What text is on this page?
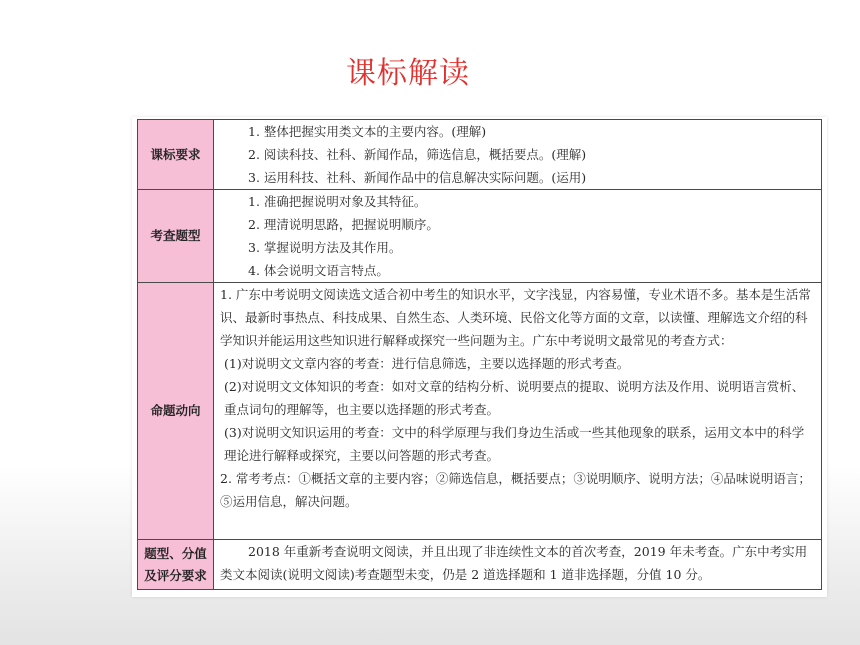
课标解读
课标要求	1. 整体把握实用类文本的主要内容。(理解)
2. 阅读科技、社科、新闻作品，筛选信息，概括要点。(理解)
3. 运用科技、社科、新闻作品中的信息解决实际问题。(运用)

考查题型	1. 准确把握说明对象及其特征。
2. 理清说明思路，把握说明顺序。
3. 掌握说明方法及其作用。
4. 体会说明文语言特点。

命题动向	1. 广东中考说明文阅读选文适合初中考生的知识水平，文字浅显，内容易懂，专业术语不多。基本是生活常识、最新时事热点、科技成果、自然生态、人类环境、民俗文化等方面的文章，以读懂、理解选文介绍的科学知识并能运用这些知识进行解释或探究一些问题为主。广东中考说明文最常见的考查方式：
(1)对说明文文章内容的考查：进行信息筛选，主要以选择题的形式考查。
(2)对说明文文体知识的考查：如对文章的结构分析、说明要点的提取、说明方法及作用、说明语言赏析、重点词句的理解等，也主要以选择题的形式考查。
(3)对说明文知识运用的考查：文中的科学原理与我们身边生活或一些其他现象的联系，运用文本中的科学理论进行解释或探究，主要以问答题的形式考查。
2. 常考考点：①概括文章的主要内容；②筛选信息，概括要点；③说明顺序、说明方法；④品味说明语言；⑤运用信息，解决问题。

题型、分值
及评分要求	2018 年重新考查说明文阅读，并且出现了非连续性文本的首次考查，2019 年未考查。广东中考实用类文本阅读(说明文阅读)考查题型未变，仍是 2 道选择题和 1 道非选择题，分值 10 分。
